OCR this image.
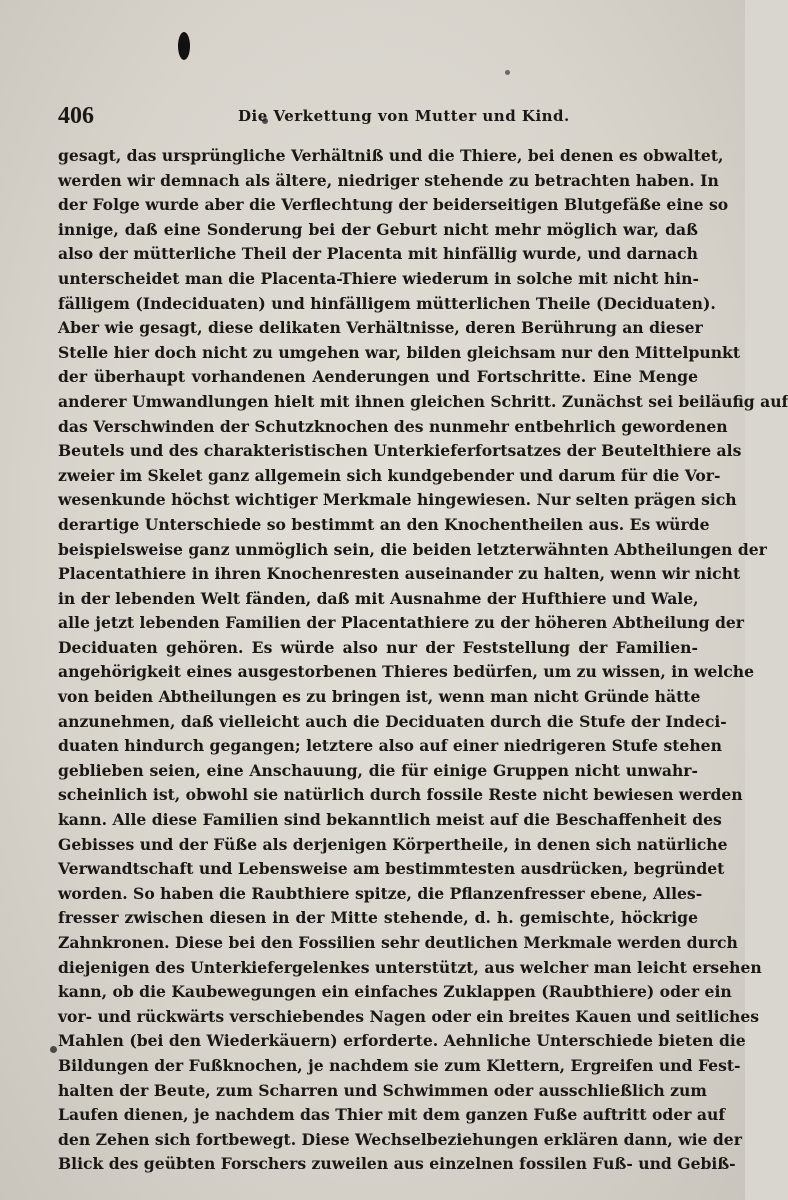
406	Die Verkettung von Mutter und Kind.
gesagt, das ursprüngliche Verhältniß und die Thiere, bei denen es obwaltet,
werden wir demnach als ältere, niedriger stehende zu betrachten haben. In
der Folge wurde aber die Verflechtung der beiderseitigen Blutgefäße eine so
innige, daß eine Sonderung bei der Geburt nicht mehr möglich war, daß
also der mütterliche Theil der Placenta mit hinfällig wurde, und darnach
unterscheidet man die Placenta-Thiere wiederum in solche mit nicht hin-
fälligem (Indeciduaten) und hinfälligem mütterlichen Theile (Deciduaten).
Aber wie gesagt, diese delikaten Verhältnisse, deren Berührung an dieser
Stelle hier doch nicht zu umgehen war, bilden gleichsam nur den Mittelpunkt
der überhaupt vorhandenen Aenderungen und Fortschritte. Eine Menge
anderer Umwandlungen hielt mit ihnen gleichen Schritt. Zunächst sei beiläufig auf
das Verschwinden der Schutzknochen des nunmehr entbehrlich gewordenen
Beutels und des charakteristischen Unterkieferfortsatzes der Beutelthiere als
zweier im Skelet ganz allgemein sich kundgebender und darum für die Vor-
wesenkunde höchst wichtiger Merkmale hingewiesen. Nur selten prägen sich
derartige Unterschiede so bestimmt an den Knochentheilen aus. Es würde
beispielsweise ganz unmöglich sein, die beiden letzterwähnten Abtheilungen der
Placentathiere in ihren Knochenresten auseinander zu halten, wenn wir nicht
in der lebenden Welt fänden, daß mit Ausnahme der Hufthiere und Wale,
alle jetzt lebenden Familien der Placentathiere zu der höheren Abtheilung der
Deciduaten gehören. Es würde also nur der Feststellung der Familien-
angehörigkeit eines ausgestorbenen Thieres bedürfen, um zu wissen, in welche
von beiden Abtheilungen es zu bringen ist, wenn man nicht Gründe hätte
anzunehmen, daß vielleicht auch die Deciduaten durch die Stufe der Indeci-
duaten hindurch gegangen; letztere also auf einer niedrigeren Stufe stehen
geblieben seien, eine Anschauung, die für einige Gruppen nicht unwahr-
scheinlich ist, obwohl sie natürlich durch fossile Reste nicht bewiesen werden
kann. Alle diese Familien sind bekanntlich meist auf die Beschaffenheit des
Gebisses und der Füße als derjenigen Körpertheile, in denen sich natürliche
Verwandtschaft und Lebensweise am bestimmtesten ausdrücken, begründet
worden. So haben die Raubthiere spitze, die Pflanzenfresser ebene, Alles-
fresser zwischen diesen in der Mitte stehende, d. h. gemischte, höckrige
Zahnkronen. Diese bei den Fossilien sehr deutlichen Merkmale werden durch
diejenigen des Unterkiefergelenkes unterstützt, aus welcher man leicht ersehen
kann, ob die Kaubewegungen ein einfaches Zuklappen (Raubthiere) oder ein
vor- und rückwärts verschiebendes Nagen oder ein breites Kauen und seitliches
Mahlen (bei den Wiederkäuern) erforderte. Aehnliche Unterschiede bieten die
Bildungen der Fußknochen, je nachdem sie zum Klettern, Ergreifen und Fest-
halten der Beute, zum Scharren und Schwimmen oder ausschließlich zum
Laufen dienen, je nachdem das Thier mit dem ganzen Fuße auftritt oder auf
den Zehen sich fortbewegt. Diese Wechselbeziehungen erklären dann, wie der
Blick des geübten Forschers zuweilen aus einzelnen fossilen Fuß- und Gebiß-
